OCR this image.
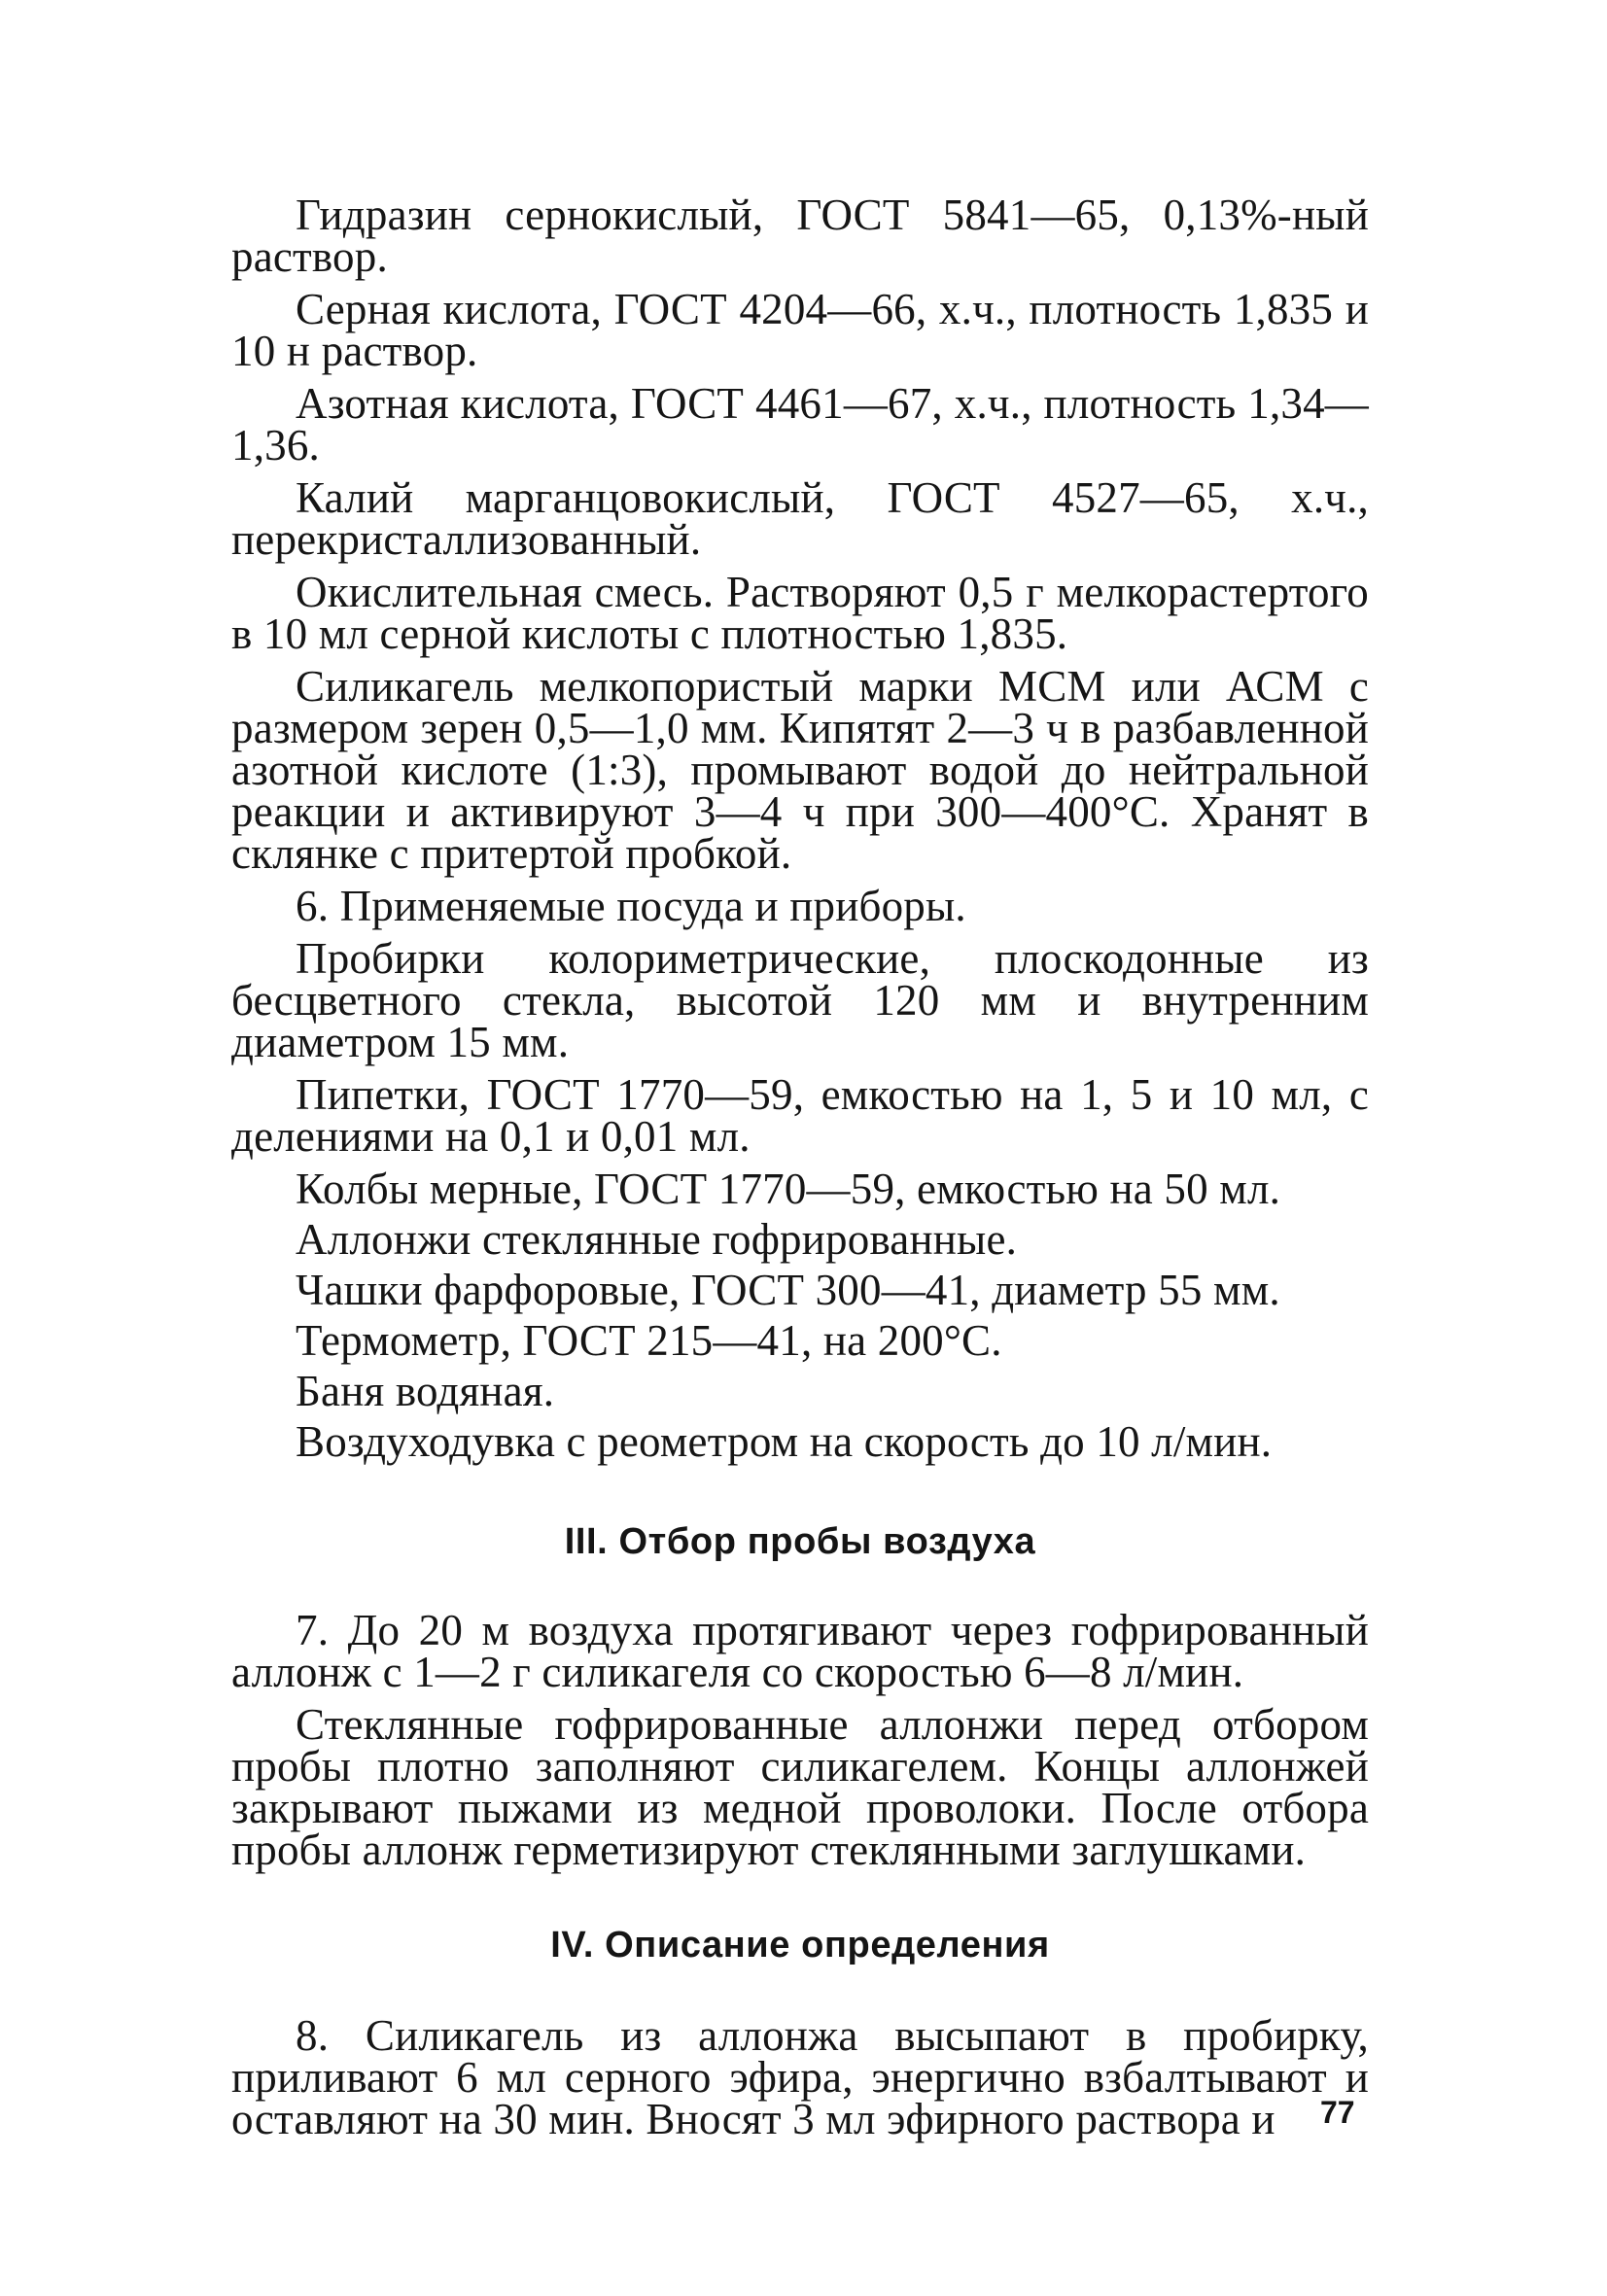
Гидразин сернокислый, ГОСТ 5841—65, 0,13%-ный раствор.

Серная кислота, ГОСТ 4204—66, х.ч., плотность 1,835 и 10 н раствор.

Азотная кислота, ГОСТ 4461—67, х.ч., плотность 1,34—1,36.

Калий марганцовокислый, ГОСТ 4527—65, х.ч., перекристаллизованный.

Окислительная смесь. Растворяют 0,5 г мелкорастертого в 10 мл серной кислоты с плотностью 1,835.

Силикагель мелкопористый марки МСМ или АСМ с размером зерен 0,5—1,0 мм. Кипятят 2—3 ч в разбавленной азотной кислоте (1:3), промывают водой до нейтральной реакции и активируют 3—4 ч при 300—400°С. Хранят в склянке с притертой пробкой.

6. Применяемые посуда и приборы.

Пробирки колориметрические, плоскодонные из бесцветного стекла, высотой 120 мм и внутренним диаметром 15 мм.

Пипетки, ГОСТ 1770—59, емкостью на 1, 5 и 10 мл, с делениями на 0,1 и 0,01 мл.

Колбы мерные, ГОСТ 1770—59, емкостью на 50 мл.

Аллонжи стеклянные гофрированные.

Чашки фарфоровые, ГОСТ 300—41, диаметр 55 мм.

Термометр, ГОСТ 215—41, на 200°С.

Баня водяная.

Воздуходувка с реометром на скорость до 10 л/мин.

III. Отбор пробы воздуха

7. До 20 м воздуха протягивают через гофрированный аллонж с 1—2 г силикагеля со скоростью 6—8 л/мин.

Стеклянные гофрированные аллонжи перед отбором пробы плотно заполняют силикагелем. Концы аллонжей закрывают пыжами из медной проволоки. После отбора пробы аллонж герметизируют стеклянными заглушками.

IV. Описание определения

8. Силикагель из аллонжа высыпают в пробирку, приливают 6 мл серного эфира, энергично взбалтывают и оставляют на 30 мин. Вносят 3 мл эфирного раствора и	77
